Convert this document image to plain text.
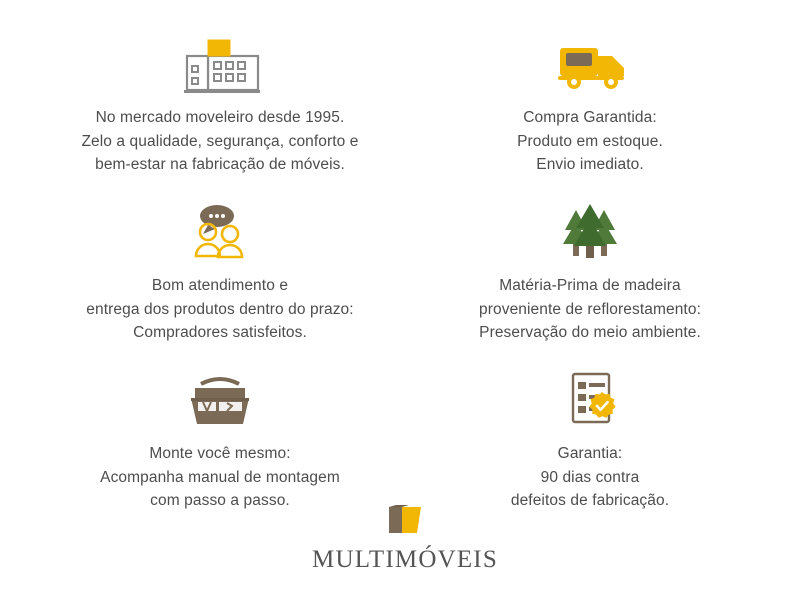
No mercado moveleiro desde 1995.
Zelo a qualidade, segurança, conforto e
bem-estar na fabricação de móveis.
Compra Garantida:
Produto em estoque.
Envio imediato.
Bom atendimento e
entrega dos produtos dentro do prazo:
Compradores satisfeitos.
Matéria-Prima de madeira
proveniente de reflorestamento:
Preservação do meio ambiente.
Monte você mesmo:
Acompanha manual de montagem
com passo a passo.
Garantia:
90 dias contra
defeitos de fabricação.
MULTIMÓVEIS
